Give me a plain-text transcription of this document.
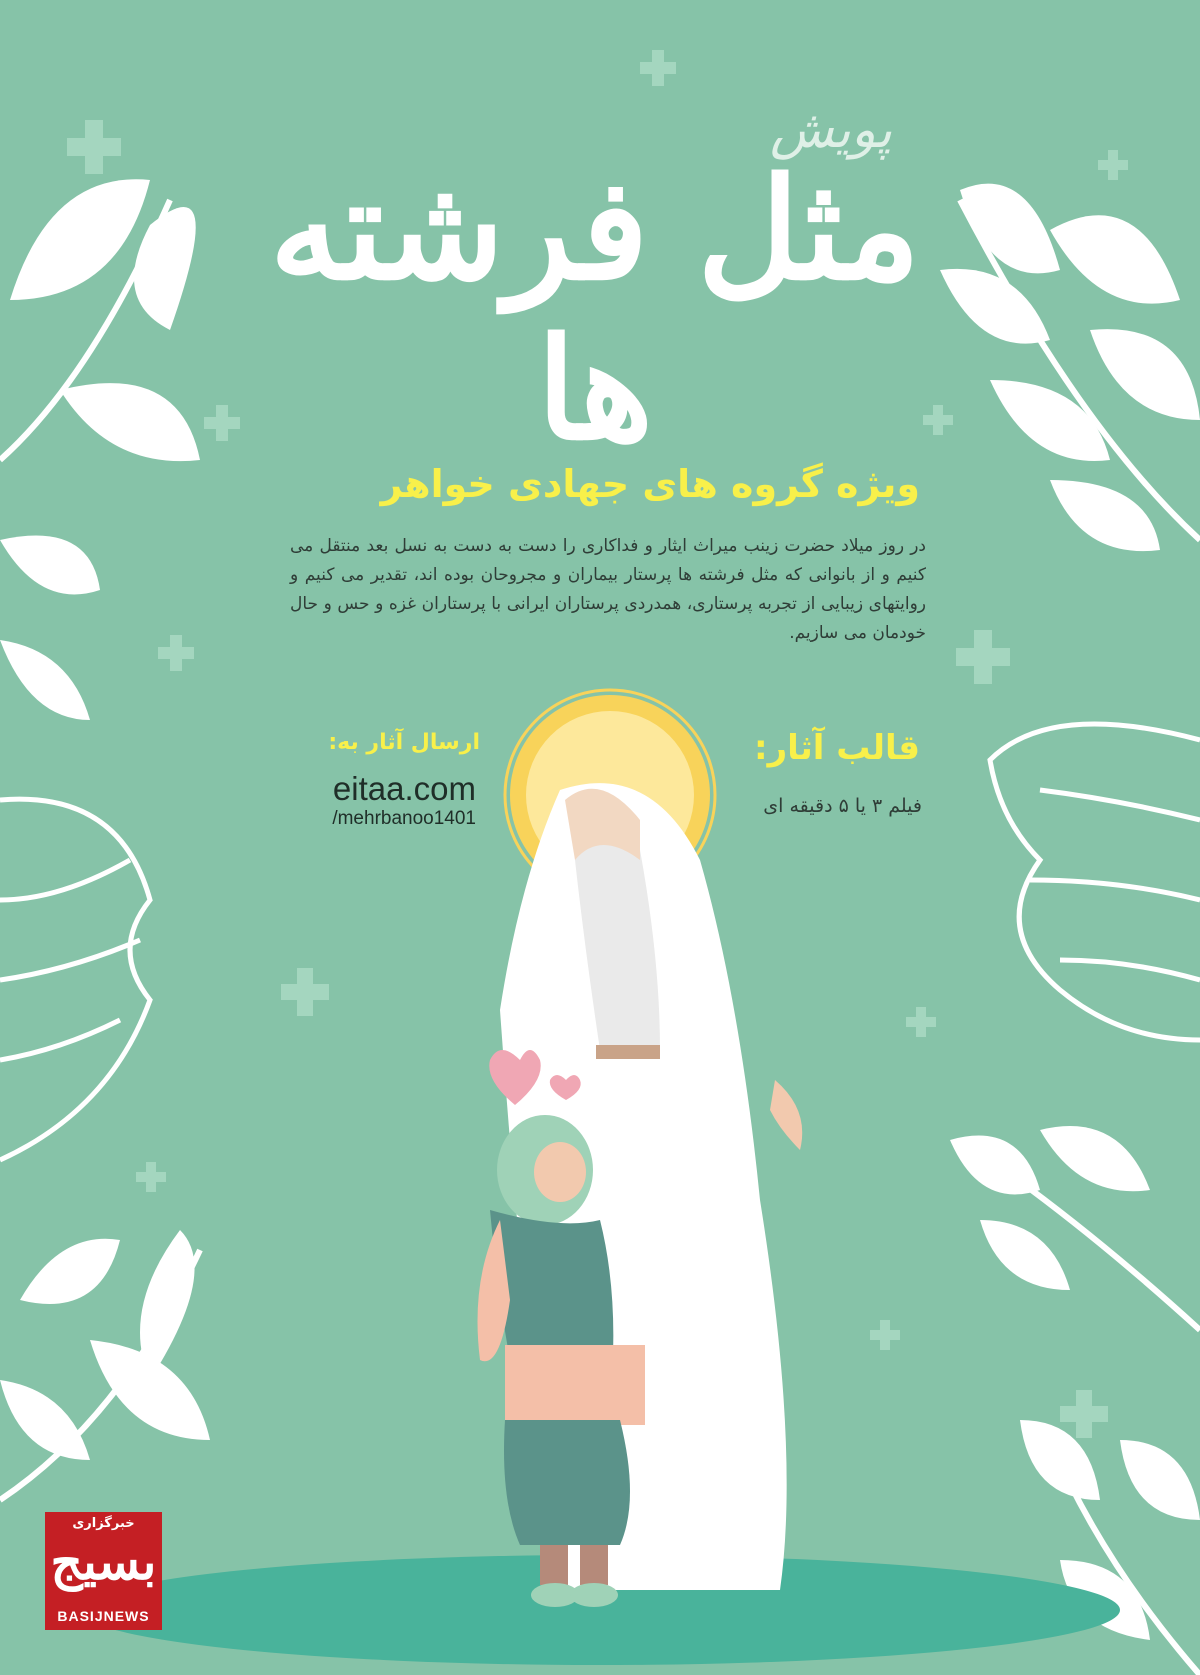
پویش
مثل فرشته ها
ویژه گروه های جهادی خواهر
در روز میلاد حضرت زینب میراث ایثار و فداکاری را دست به دست به نسل بعد منتقل می کنیم و از بانوانی که مثل فرشته ها پرستار بیماران و مجروحان بوده اند، تقدیر می کنیم و روایتهای زیبایی از تجربه پرستاری، همدردی پرستاران ایرانی با پرستاران غزه و حس و حال خودمان می سازیم.
قالب آثار:
فیلم ۳ یا ۵ دقیقه ای
ارسال آثار به:
eitaa.com
/mehrbanoo1401
خبرگزاری
بسیج
BASIJNEWS
